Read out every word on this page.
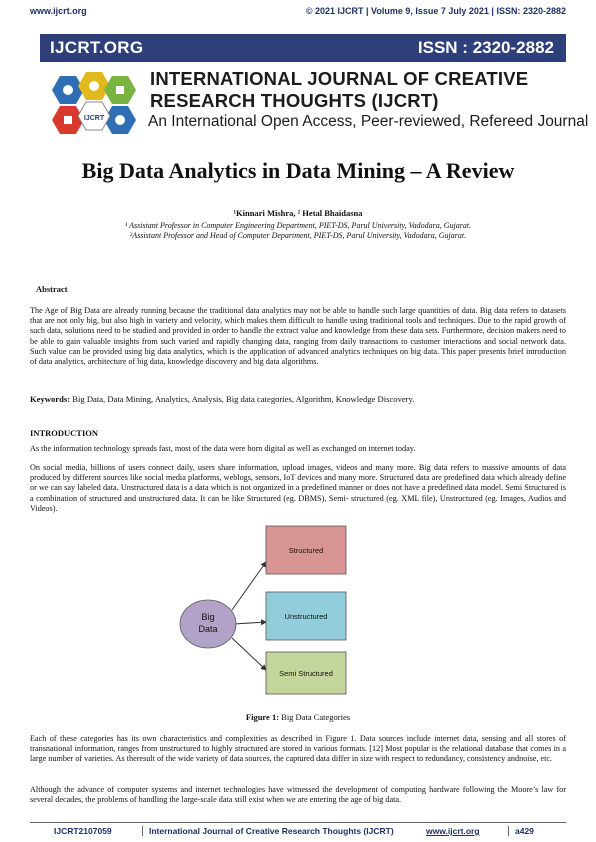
www.ijcrt.org	© 2021 IJCRT | Volume 9, Issue 7 July 2021 | ISSN: 2320-2882
IJCRT.ORG	ISSN : 2320-2882
IJCRT
INTERNATIONAL JOURNAL OF CREATIVE
RESEARCH THOUGHTS (IJCRT)
An International Open Access, Peer-reviewed, Refereed Journal
Big Data Analytics in Data Mining – A Review
¹Kinnari Mishra, ² Hetal Bhaidasna
¹ Assistant Professor in Computer Engineering Department, PIET-DS, Parul University, Vadodara, Gujarat.
²Assistant Professor and Head of Computer Department, PIET-DS, Parul University, Vadodara, Gujarat.
Abstract
The Age of Big Data are already running because the traditional data analytics may not be able to handle such large quantities of data. Big data refers to datasets that are not only big, but also high in variety and velocity, which makes them difficult to handle using traditional tools and techniques. Due to the rapid growth of such data, solutions need to be studied and provided in order to handle the extract value and knowledge from these data sets. Furthermore, decision makers need to be able to gain valuable insights from such varied and rapidly changing data, ranging from daily transactions to customer interactions and social network data. Such value can be provided using big data analytics, which is the application of advanced analytics techniques on big data. This paper presents brief introduction of data analytics, architecture of big data, knowledge discovery and big data algorithms.
Keywords: Big Data, Data Mining, Analytics, Analysis, Big data categories, Algorithm, Knowledge Discovery.
INTRODUCTION
As the information technology spreads fast, most of the data were born digital as well as exchanged on internet today.
On social media, billions of users connect daily, users share information, upload images, videos and many more. Big data refers to massive amounts of data produced by different sources like social media platforms, weblogs, sensors, IoT devices and many more. Structured data are predefined data which already define or we can say labeled data. Unstructured data is a data which is not organized in a predefined manner or does not have a predefined data model. Semi Structured is a combination of structured and unstructured data. It can be like Structured (eg. DBMS), Semi- structured (eg. XML file), Unstructured (eg. Images, Audios and Videos).
Big
Data
Structured
Unstructured
Semi Structured
Figure 1: Big Data Categories
Each of these categories has its own characteristics and complexities as described in Figure 1. Data sources include internet data, sensing and all stores of transnational information, ranges from unstructured to highly structured are stored in various formats. [12] Most popular is the relational database that comes in a large number of varieties. As theresult of the wide variety of data sources, the captured data differ in size with respect to redundancy, consistency andnoise, etc.
Although the advance of computer systems and internet technologies have witnessed the development of computing hardware following the Moore’s law for several decades, the problems of handling the large-scale data still exist when we are entering the age of big data.
IJCRT2107059	International Journal of Creative Research Thoughts (IJCRT)	www.ijcrt.org	a429
